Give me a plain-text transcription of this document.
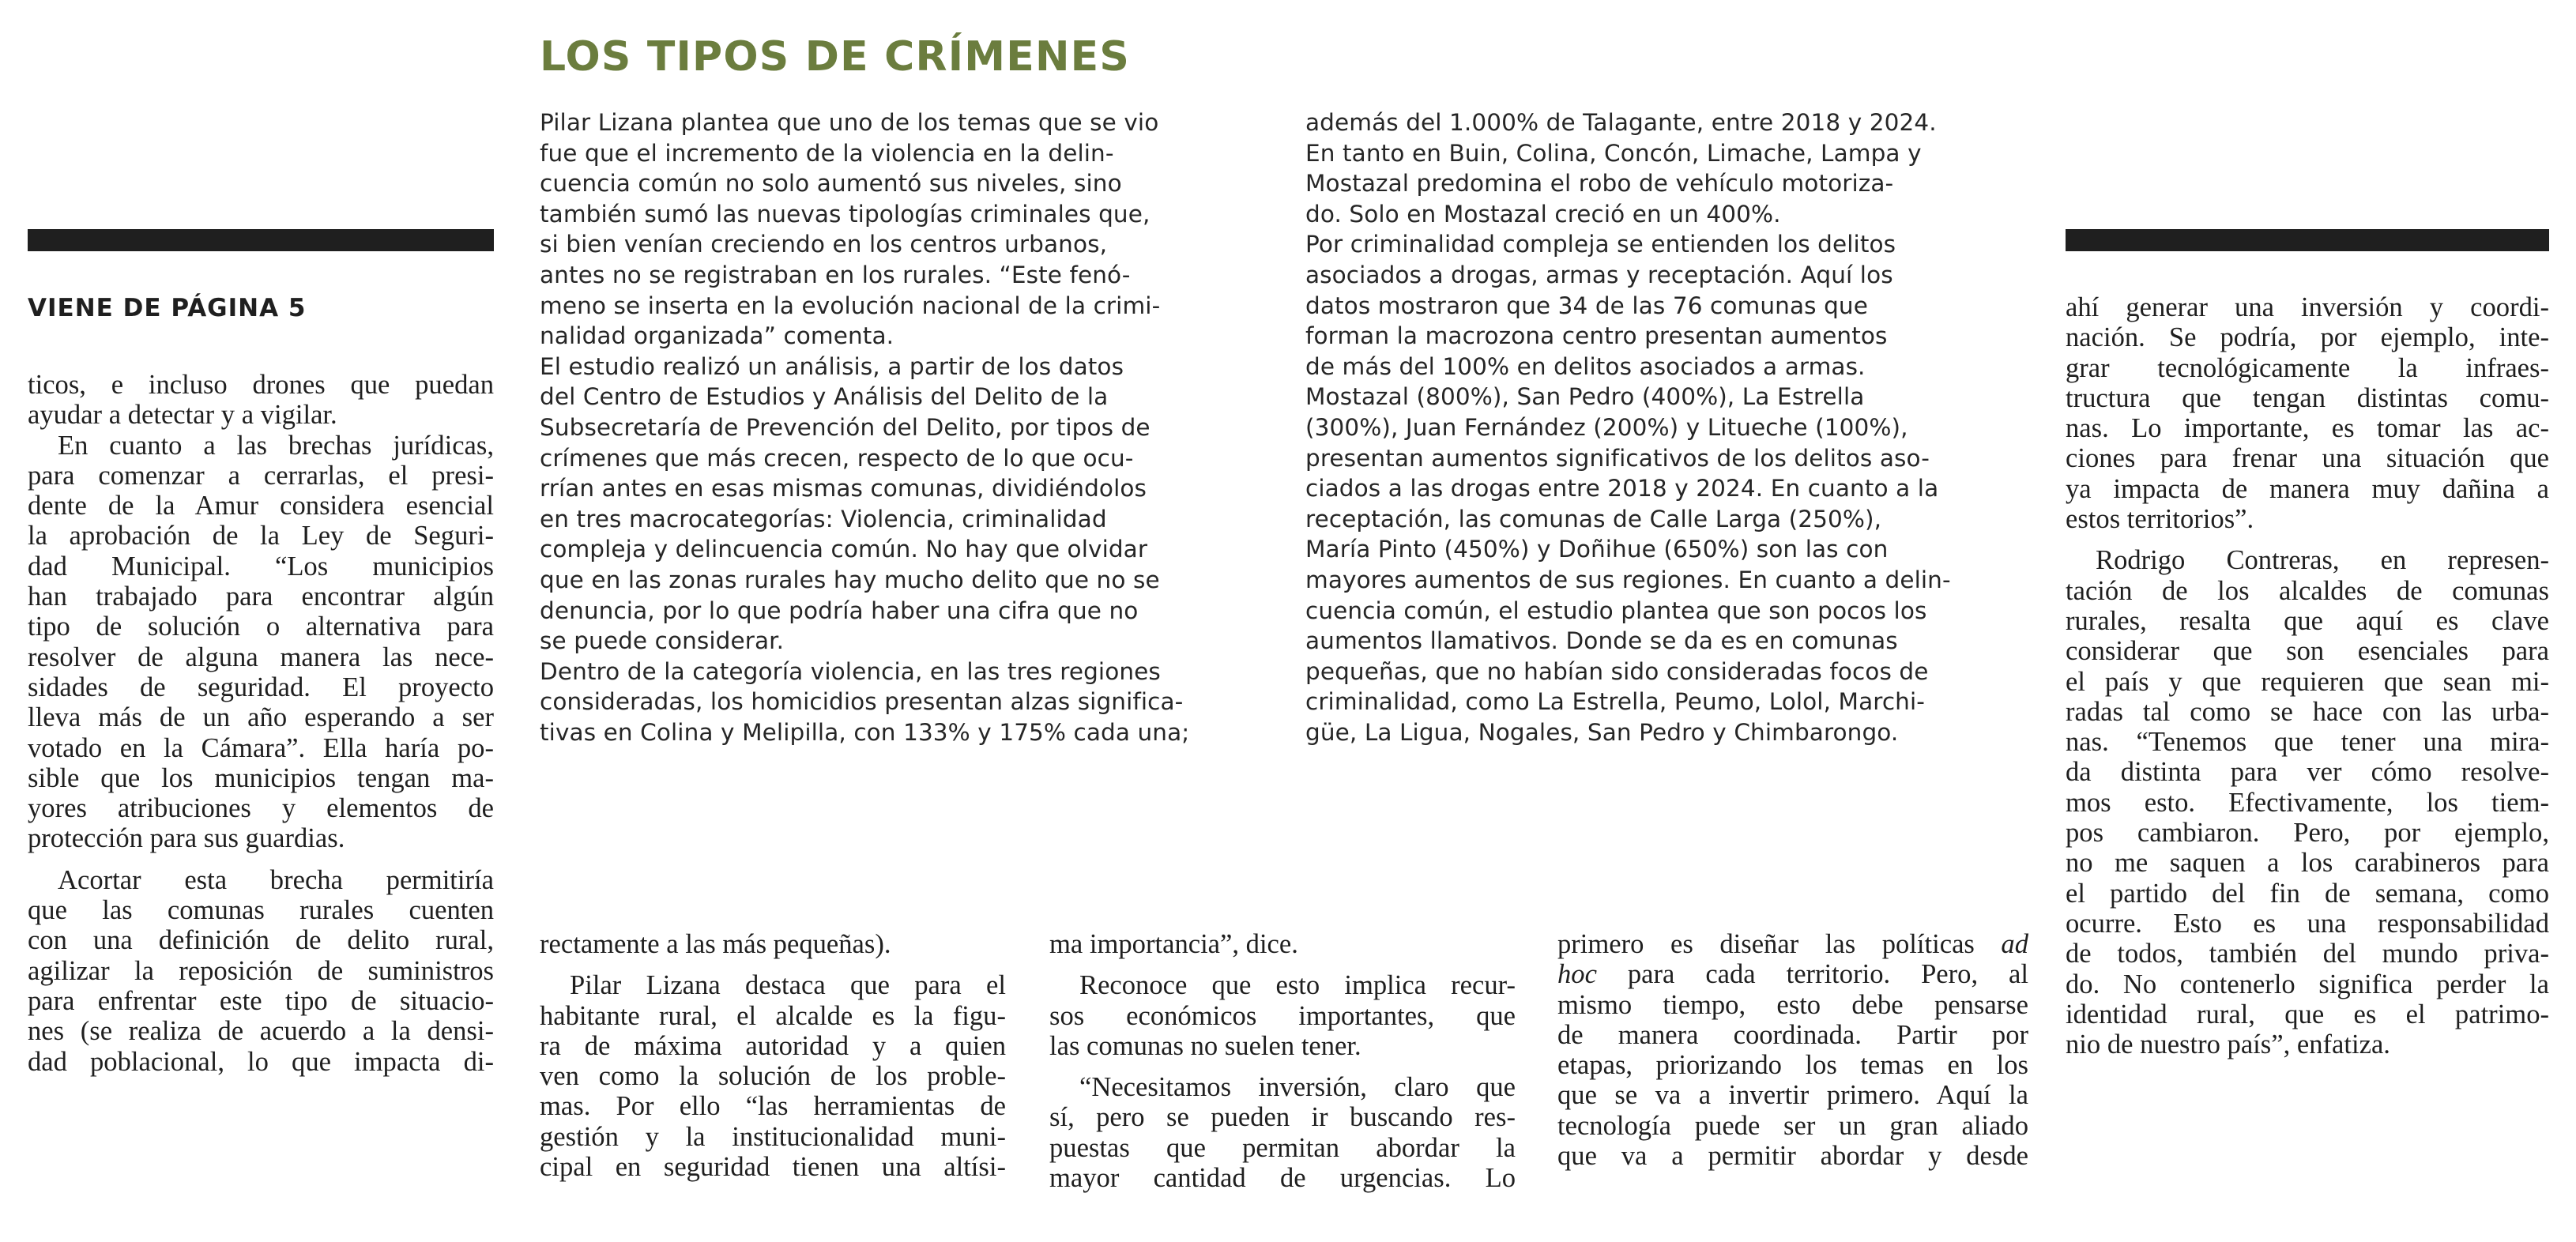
LOS TIPOS DE CRÍMENES
VIENE DE PÁGINA 5
ticos, e incluso drones que puedan
ayudar a detectar y a vigilar.
En cuanto a las brechas jurídicas,
para comenzar a cerrarlas, el presi-
dente de la Amur considera esencial
la aprobación de la Ley de Seguri-
dad Municipal. “Los municipios
han trabajado para encontrar algún
tipo de solución o alternativa para
resolver de alguna manera las nece-
sidades de seguridad. El proyecto
lleva más de un año esperando a ser
votado en la Cámara”. Ella haría po-
sible que los municipios tengan ma-
yores atribuciones y elementos de
protección para sus guardias.
Acortar esta brecha permitiría
que las comunas rurales cuenten
con una definición de delito rural,
agilizar la reposición de suministros
para enfrentar este tipo de situacio-
nes (se realiza de acuerdo a la densi-
dad poblacional, lo que impacta di-
Pilar Lizana plantea que uno de los temas que se vio
fue que el incremento de la violencia en la delin-
cuencia común no solo aumentó sus niveles, sino
también sumó las nuevas tipologías criminales que,
si bien venían creciendo en los centros urbanos,
antes no se registraban en los rurales. “Este fenó-
meno se inserta en la evolución nacional de la crimi-
nalidad organizada” comenta.
El estudio realizó un análisis, a partir de los datos
del Centro de Estudios y Análisis del Delito de la
Subsecretaría de Prevención del Delito, por tipos de
crímenes que más crecen, respecto de lo que ocu-
rrían antes en esas mismas comunas, dividiéndolos
en tres macrocategorías: Violencia, criminalidad
compleja y delincuencia común. No hay que olvidar
que en las zonas rurales hay mucho delito que no se
denuncia, por lo que podría haber una cifra que no
se puede considerar.
Dentro de la categoría violencia, en las tres regiones
consideradas, los homicidios presentan alzas significa-
tivas en Colina y Melipilla, con 133% y 175% cada una;
además del 1.000% de Talagante, entre 2018 y 2024.
En tanto en Buin, Colina, Concón, Limache, Lampa y
Mostazal predomina el robo de vehículo motoriza-
do. Solo en Mostazal creció en un 400%.
Por criminalidad compleja se entienden los delitos
asociados a drogas, armas y receptación. Aquí los
datos mostraron que 34 de las 76 comunas que
forman la macrozona centro presentan aumentos
de más del 100% en delitos asociados a armas.
Mostazal (800%), San Pedro (400%), La Estrella
(300%), Juan Fernández (200%) y Litueche (100%),
presentan aumentos significativos de los delitos aso-
ciados a las drogas entre 2018 y 2024. En cuanto a la
receptación, las comunas de Calle Larga (250%),
María Pinto (450%) y Doñihue (650%) son las con
mayores aumentos de sus regiones. En cuanto a delin-
cuencia común, el estudio plantea que son pocos los
aumentos llamativos. Donde se da es en comunas
pequeñas, que no habían sido consideradas focos de
criminalidad, como La Estrella, Peumo, Lolol, Marchi-
güe, La Ligua, Nogales, San Pedro y Chimbarongo.
rectamente a las más pequeñas).
Pilar Lizana destaca que para el
habitante rural, el alcalde es la figu-
ra de máxima autoridad y a quien
ven como la solución de los proble-
mas. Por ello “las herramientas de
gestión y la institucionalidad muni-
cipal en seguridad tienen una altísi-
ma importancia”, dice.
Reconoce que esto implica recur-
sos económicos importantes, que
las comunas no suelen tener.
“Necesitamos inversión, claro que
sí, pero se pueden ir buscando res-
puestas que permitan abordar la
mayor cantidad de urgencias. Lo
primero es diseñar las políticas ad
hoc para cada territorio. Pero, al
mismo tiempo, esto debe pensarse
de manera coordinada. Partir por
etapas, priorizando los temas en los
que se va a invertir primero. Aquí la
tecnología puede ser un gran aliado
que va a permitir abordar y desde
ahí generar una inversión y coordi-
nación. Se podría, por ejemplo, inte-
grar tecnológicamente la infraes-
tructura que tengan distintas comu-
nas. Lo importante, es tomar las ac-
ciones para frenar una situación que
ya impacta de manera muy dañina a
estos territorios”.
Rodrigo Contreras, en represen-
tación de los alcaldes de comunas
rurales, resalta que aquí es clave
considerar que son esenciales para
el país y que requieren que sean mi-
radas tal como se hace con las urba-
nas. “Tenemos que tener una mira-
da distinta para ver cómo resolve-
mos esto. Efectivamente, los tiem-
pos cambiaron. Pero, por ejemplo,
no me saquen a los carabineros para
el partido del fin de semana, como
ocurre. Esto es una responsabilidad
de todos, también del mundo priva-
do. No contenerlo significa perder la
identidad rural, que es el patrimo-
nio de nuestro país”, enfatiza.
